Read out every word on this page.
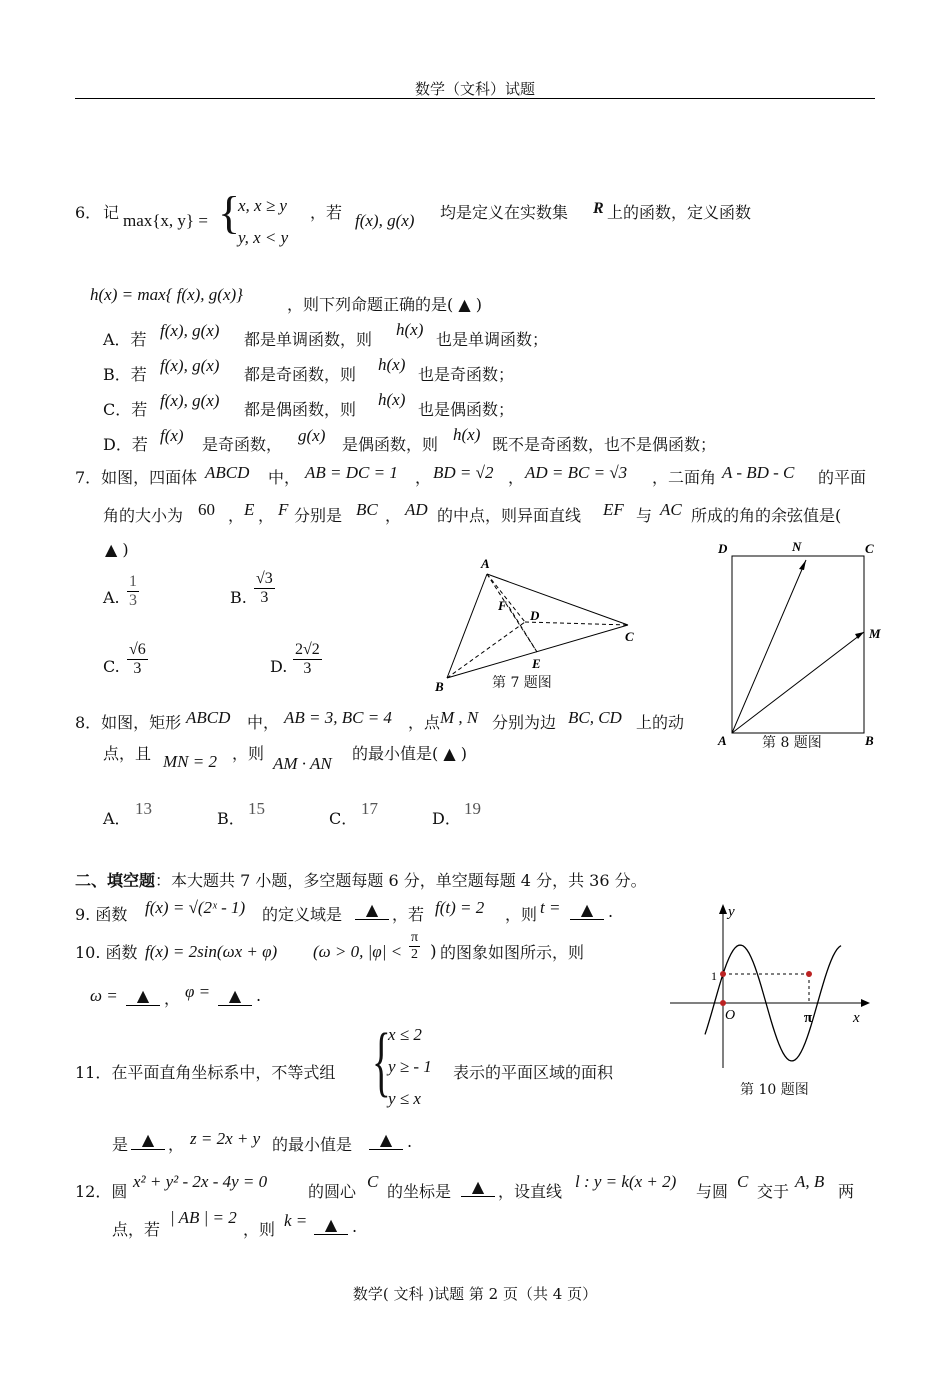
数学（文科）试题
6． 记 max{x, y} = {
x, x ≥ y
y, x < y
，若 f(x), g(x) 均是定义在实数集 R 上的函数，定义函数
h(x) = max{ f(x), g(x)}
，则下列命题正确的是( ▲ )
A．若 f(x), g(x) 都是单调函数，则
h(x)
也是单调函数；
B．若 f(x), g(x) 都是奇函数，则
h(x)
也是奇函数；
C．若 f(x), g(x) 都是偶函数，则
h(x)
也是偶函数；
D．若 f(x) 是奇函数， g(x) 是偶函数，则
h(x)
既不是奇函数，也不是偶函数；
7．如图，四面体 ABCD 中， AB = DC = 1 ， BD = √2 ， AD = BC = √3 ，二面角 A - BD - C 的平面
角的大小为 60 ， E ， F 分别是 BC ， AD 的中点，则异面直线 EF 与 AC 所成的角的余弦值是(
▲ )
A. $\frac{1}{3}$	B. $\frac{√3}{3}$
C. $\frac{√6}{3}$	D. $\frac{2√2}{3}$
A
B
C
D
E
F
第 7 题图
D	N	C
M
A	B
第 8 题图
8．如图，矩形 ABCD 中， AB = 3, BC = 4 ，点 M , N 分别为边 BC, CD 上的动
点，且 MN = 2 ，则
AM · AN
的最小值是( ▲ )
A．
13
B．
15
C．
17
D．
19
二、填空题：本大题共 7 小题，多空题每题 6 分，单空题每题 4 分，共 36 分。
9. 函数 f(x) = √(2ˣ - 1) 的定义域是	▲ ，若 f(t) = 2 ，则 t =	▲ .
10. 函数 f(x) = 2sin(ωx + φ) (ω > 0, $|\varphi| < \frac{\pi}{2}$ ) 的图象如图所示，则
ω =	▲ ， φ =	▲ .
y
x
O
1
π
第 10 题图
11．在平面直角坐标系中，不等式组 {
x ≤ 2
y ≥ - 1
y ≤ x
表示的平面区域的面积
是 ▲ ， z = 2x + y 的最小值是	▲ .
12．圆
x² + y² - 2x - 4y = 0
的圆心
C
的坐标是	▲ ，设直线
l : y = k(x + 2)
与圆
C
交于
A, B
两
点，若
| AB | = 2
，则 k =	▲ .
数学( 文科 )试题 第 2 页（共 4 页）
